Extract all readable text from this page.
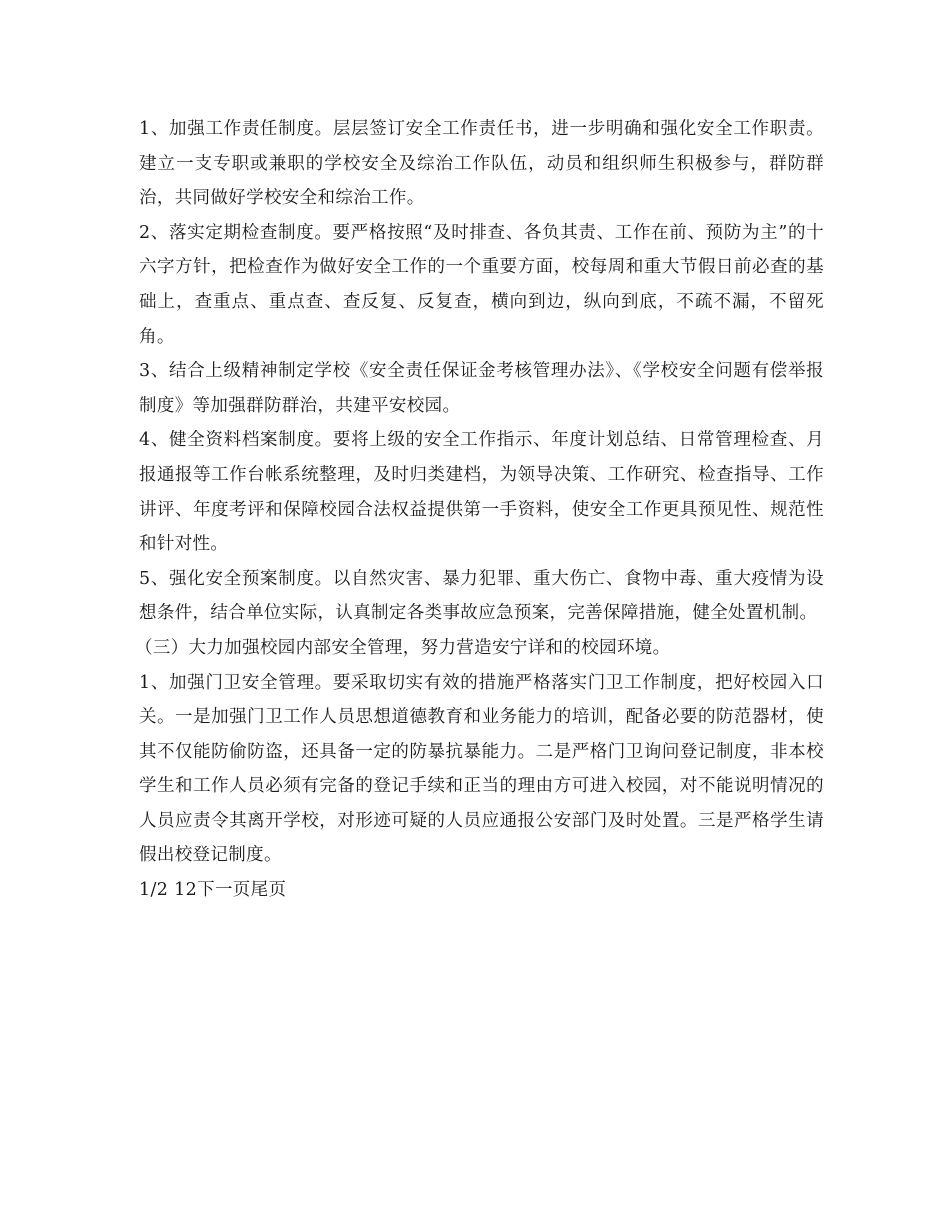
1、加强工作责任制度。层层签订安全工作责任书，进一步明确和强化安全工作职责。建立一支专职或兼职的学校安全及综治工作队伍，动员和组织师生积极参与，群防群治，共同做好学校安全和综治工作。

2、落实定期检查制度。要严格按照“及时排查、各负其责、工作在前、预防为主”的十六字方针，把检查作为做好安全工作的一个重要方面，校每周和重大节假日前必查的基础上，查重点、重点查、查反复、反复查，横向到边，纵向到底，不疏不漏，不留死角。

3、结合上级精神制定学校《安全责任保证金考核管理办法》、《学校安全问题有偿举报制度》等加强群防群治，共建平安校园。

4、健全资料档案制度。要将上级的安全工作指示、年度计划总结、日常管理检查、月报通报等工作台帐系统整理，及时归类建档，为领导决策、工作研究、检查指导、工作讲评、年度考评和保障校园合法权益提供第一手资料，使安全工作更具预见性、规范性和针对性。

5、强化安全预案制度。以自然灾害、暴力犯罪、重大伤亡、食物中毒、重大疫情为设想条件，结合单位实际，认真制定各类事故应急预案，完善保障措施，健全处置机制。

（三）大力加强校园内部安全管理，努力营造安宁详和的校园环境。

1、加强门卫安全管理。要采取切实有效的措施严格落实门卫工作制度，把好校园入口关。一是加强门卫工作人员思想道德教育和业务能力的培训，配备必要的防范器材，使其不仅能防偷防盗，还具备一定的防暴抗暴能力。二是严格门卫询问登记制度，非本校学生和工作人员必须有完备的登记手续和正当的理由方可进入校园，对不能说明情况的人员应责令其离开学校，对形迹可疑的人员应通报公安部门及时处置。三是严格学生请假出校登记制度。

1/2
12 下一页 尾页
